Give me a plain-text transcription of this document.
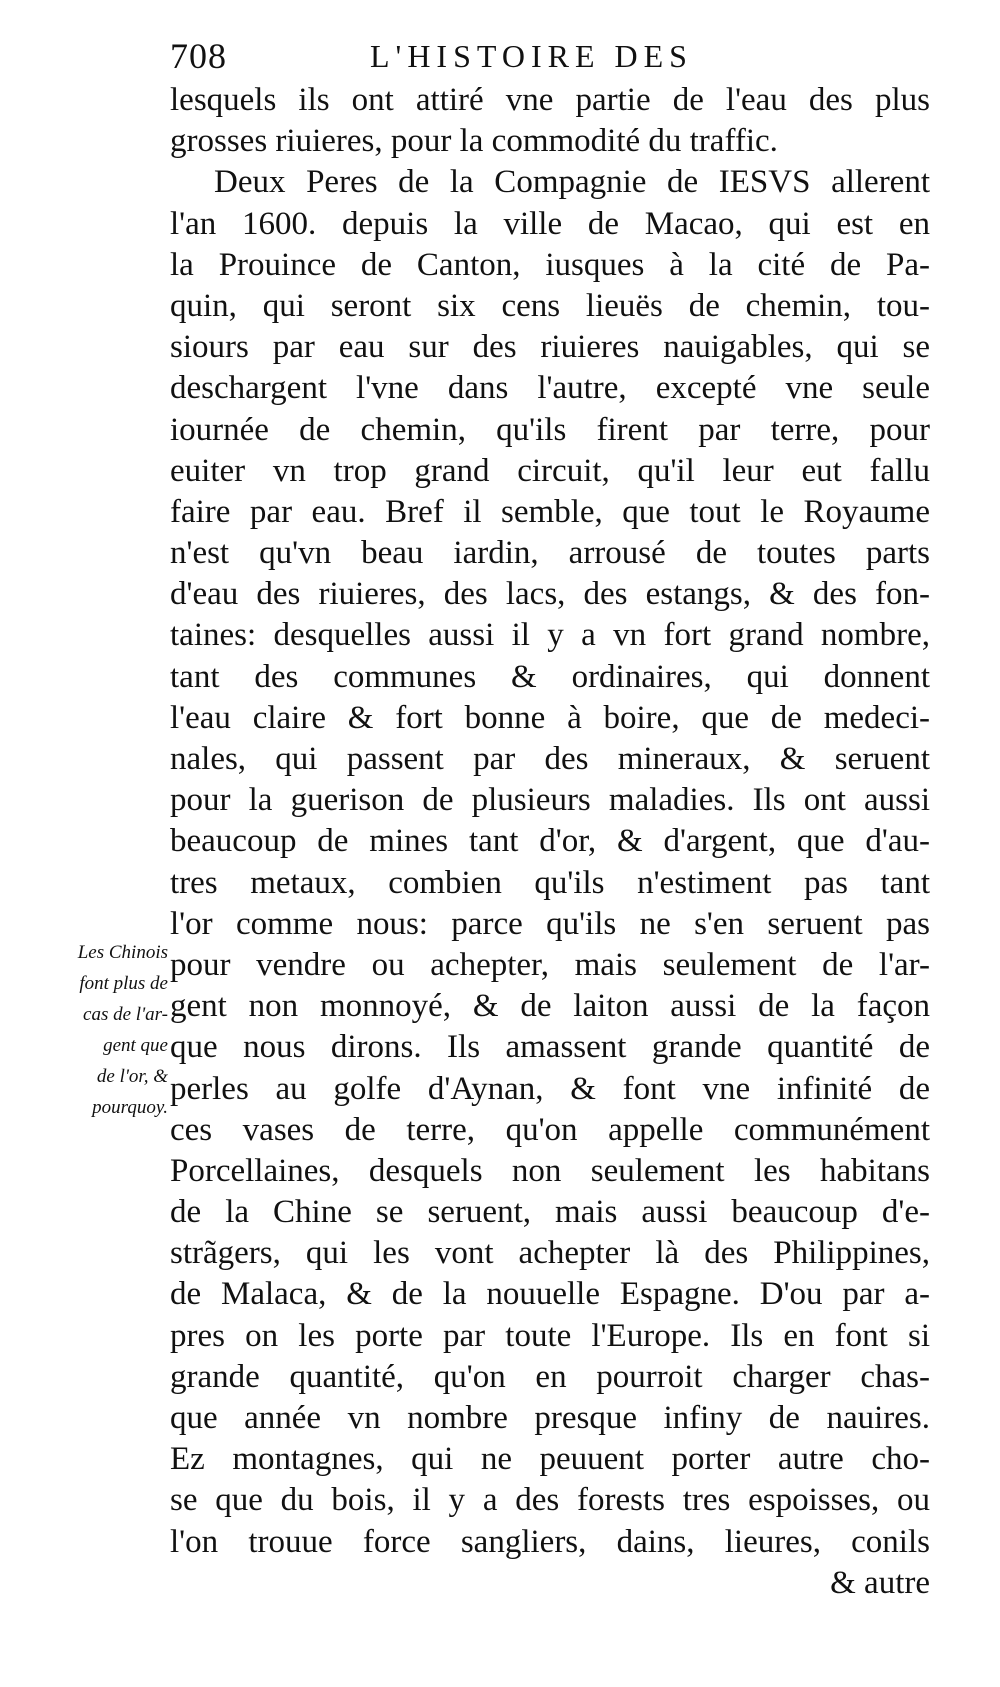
708	L'HISTOIRE DES
Les Chinois
font plus de
cas de l'ar-
gent que
de l'or, &
pourquoy.
lesquels ils ont attiré vne partie de l'eau des plus
grosses riuieres, pour la commodité du traffic.
Deux Peres de la Compagnie de IESVS allerent
l'an 1600. depuis la ville de Macao, qui est en
la Prouince de Canton, iusques à la cité de Pa-
quin, qui seront six cens lieuës de chemin, tou-
siours par eau sur des riuieres nauigables, qui se
deschargent l'vne dans l'autre, excepté vne seule
iournée de chemin, qu'ils firent par terre, pour
euiter vn trop grand circuit, qu'il leur eut fallu
faire par eau. Bref il semble, que tout le Royaume
n'est qu'vn beau iardin, arrousé de toutes parts
d'eau des riuieres, des lacs, des estangs, & des fon-
taines: desquelles aussi il y a vn fort grand nombre,
tant des communes & ordinaires, qui donnent
l'eau claire & fort bonne à boire, que de medeci-
nales, qui passent par des mineraux, & seruent
pour la guerison de plusieurs maladies. Ils ont aussi
beaucoup de mines tant d'or, & d'argent, que d'au-
tres metaux, combien qu'ils n'estiment pas tant
l'or comme nous: parce qu'ils ne s'en seruent pas
pour vendre ou achepter, mais seulement de l'ar-
gent non monnoyé, & de laiton aussi de la façon
que nous dirons. Ils amassent grande quantité de
perles au golfe d'Aynan, & font vne infinité de
ces vases de terre, qu'on appelle communément
Porcellaines, desquels non seulement les habitans
de la Chine se seruent, mais aussi beaucoup d'e-
strãgers, qui les vont achepter là des Philippines,
de Malaca, & de la nouuelle Espagne. D'ou par a-
pres on les porte par toute l'Europe. Ils en font si
grande quantité, qu'on en pourroit charger chas-
que année vn nombre presque infiny de nauires.
Ez montagnes, qui ne peuuent porter autre cho-
se que du bois, il y a des forests tres espoisses, ou
l'on trouue force sangliers, dains, lieures, conils
& autre
